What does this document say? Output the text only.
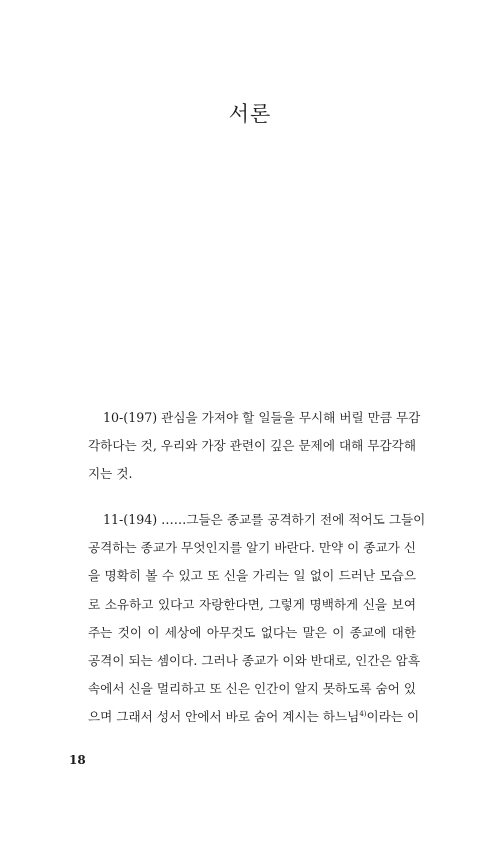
서론

10-(197) 관심을 가져야 할 일들을 무시해 버릴 만큼 무감
각하다는 것, 우리와 가장 관련이 깊은 문제에 대해 무감각해
지는 것.

11-(194) ……그들은 종교를 공격하기 전에 적어도 그들이
공격하는 종교가 무엇인지를 알기 바란다. 만약 이 종교가 신
을 명확히 볼 수 있고 또 신을 가리는 일 없이 드러난 모습으
로 소유하고 있다고 자랑한다면, 그렇게 명백하게 신을 보여
주는 것이 이 세상에 아무것도 없다는 말은 이 종교에 대한
공격이 되는 셈이다. 그러나 종교가 이와 반대로, 인간은 암흑
속에서 신을 멀리하고 또 신은 인간이 알지 못하도록 숨어 있
으며 그래서 성서 안에서 바로 숨어 계시는 하느님$^{4)}$이라는 이

18
